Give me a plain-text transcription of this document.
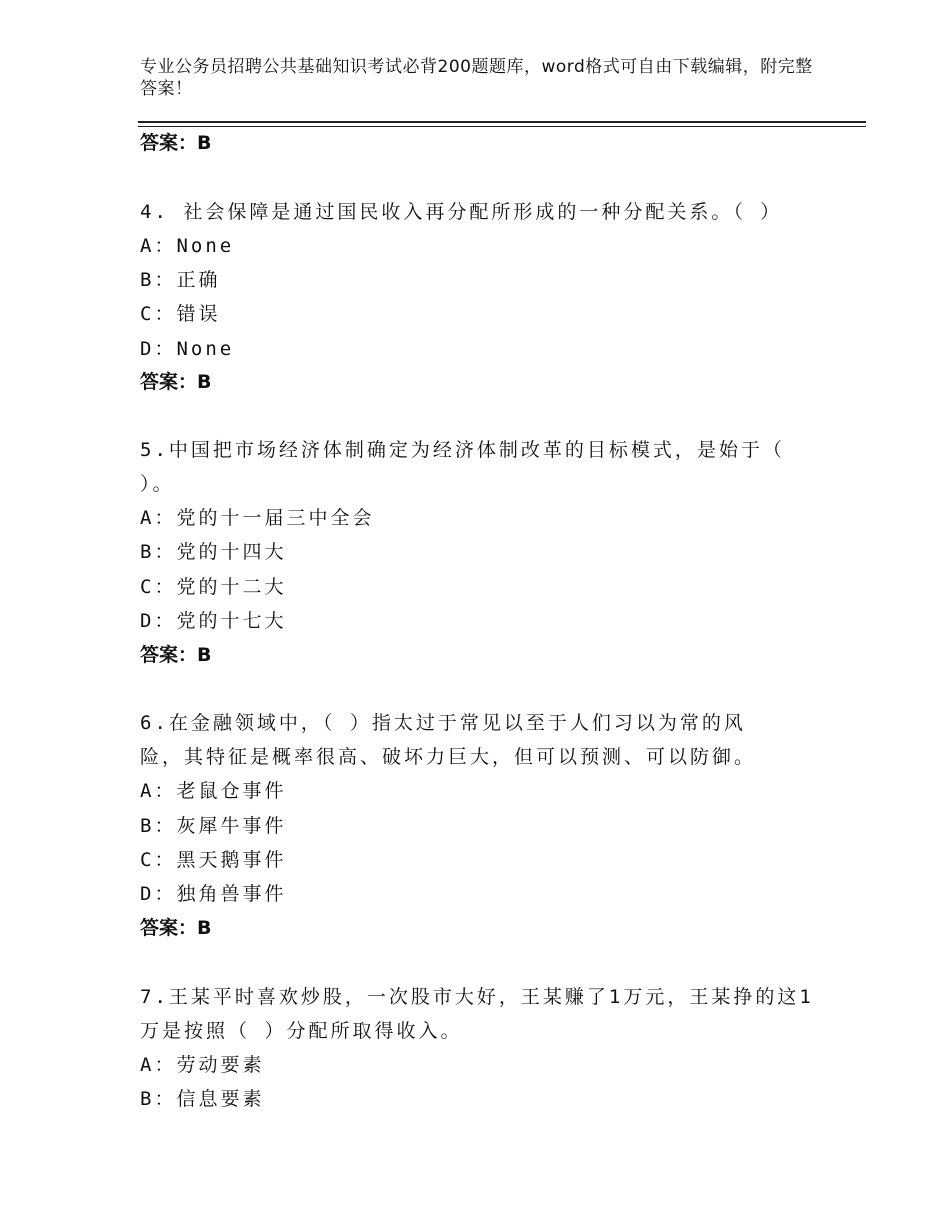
专业公务员招聘公共基础知识考试必背200题题库，word格式可自由下载编辑，附完整答案！
答案：B
4. 社会保障是通过国民收入再分配所形成的一种分配关系。（ ）
A：None
B：正确
C：错误
D：None
答案：B
5.中国把市场经济体制确定为经济体制改革的目标模式，是始于（
）。
A：党的十一届三中全会
B：党的十四大
C：党的十二大
D：党的十七大
答案：B
6.在金融领域中，（ ）指太过于常见以至于人们习以为常的风
险，其特征是概率很高、破坏力巨大，但可以预测、可以防御。
A：老鼠仓事件
B：灰犀牛事件
C：黑天鹅事件
D：独角兽事件
答案：B
7.王某平时喜欢炒股，一次股市大好，王某赚了1万元，王某挣的这1
万是按照（ ）分配所取得收入。
A：劳动要素
B：信息要素
